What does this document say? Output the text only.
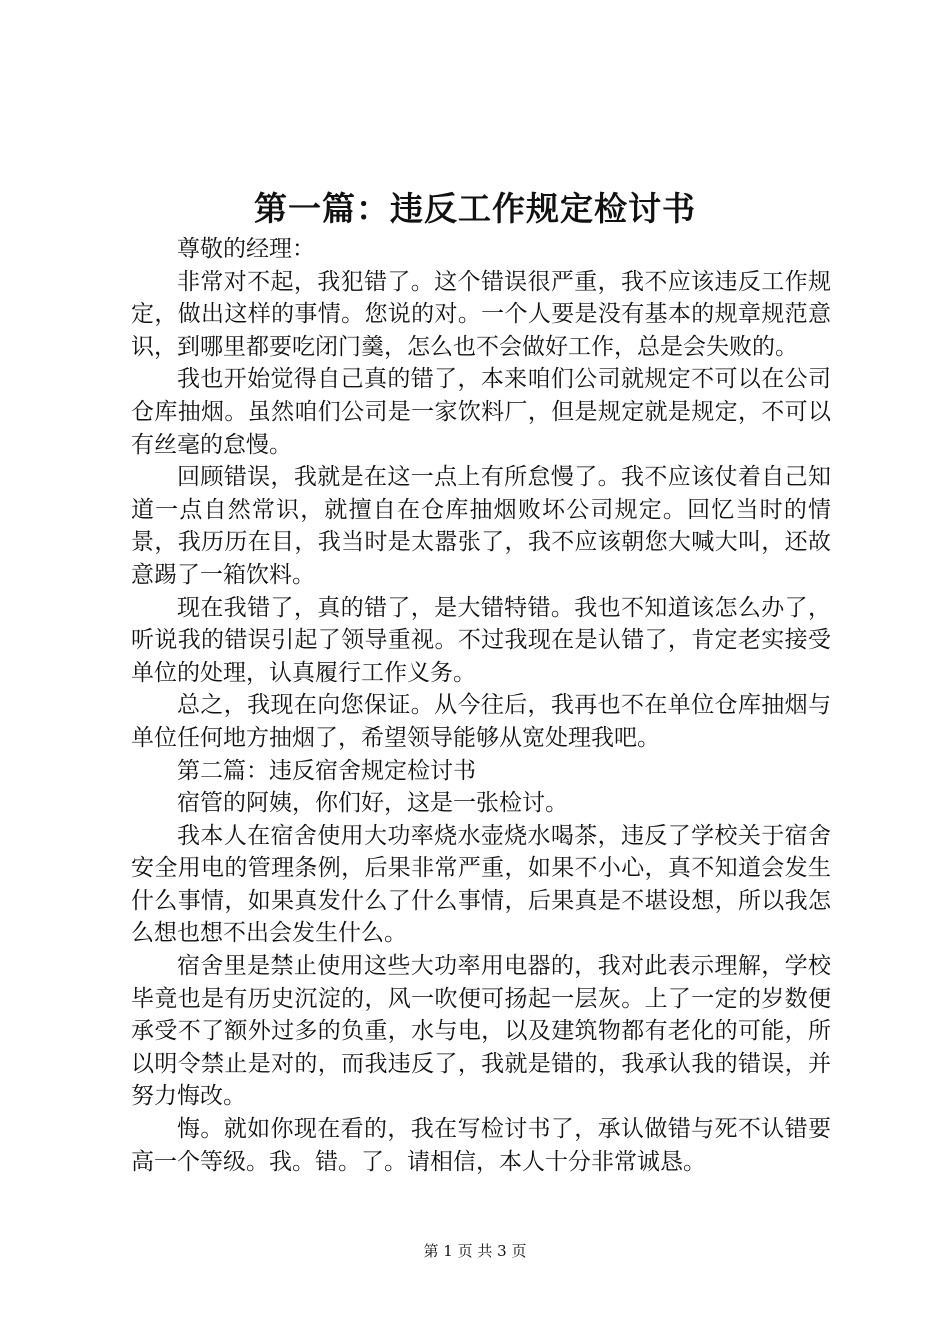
第一篇：违反工作规定检讨书

尊敬的经理：

非常对不起，我犯错了。这个错误很严重，我不应该违反工作规定，做出这样的事情。您说的对。一个人要是没有基本的规章规范意识，到哪里都要吃闭门羹，怎么也不会做好工作，总是会失败的。

我也开始觉得自己真的错了，本来咱们公司就规定不可以在公司仓库抽烟。虽然咱们公司是一家饮料厂，但是规定就是规定，不可以有丝毫的怠慢。

回顾错误，我就是在这一点上有所怠慢了。我不应该仗着自己知道一点自然常识，就擅自在仓库抽烟败坏公司规定。回忆当时的情景，我历历在目，我当时是太嚣张了，我不应该朝您大喊大叫，还故意踢了一箱饮料。

现在我错了，真的错了，是大错特错。我也不知道该怎么办了，听说我的错误引起了领导重视。不过我现在是认错了，肯定老实接受单位的处理，认真履行工作义务。

总之，我现在向您保证。从今往后，我再也不在单位仓库抽烟与单位任何地方抽烟了，希望领导能够从宽处理我吧。

第二篇：违反宿舍规定检讨书

宿管的阿姨，你们好，这是一张检讨。

我本人在宿舍使用大功率烧水壶烧水喝茶，违反了学校关于宿舍安全用电的管理条例，后果非常严重，如果不小心，真不知道会发生什么事情，如果真发什么了什么事情，后果真是不堪设想，所以我怎么想也想不出会发生什么。

宿舍里是禁止使用这些大功率用电器的，我对此表示理解，学校毕竟也是有历史沉淀的，风一吹便可扬起一层灰。上了一定的岁数便承受不了额外过多的负重，水与电，以及建筑物都有老化的可能，所以明令禁止是对的，而我违反了，我就是错的，我承认我的错误，并努力悔改。

悔。就如你现在看的，我在写检讨书了，承认做错与死不认错要高一个等级。我。错。了。请相信，本人十分非常诚恳。

第 1 页 共 3 页
